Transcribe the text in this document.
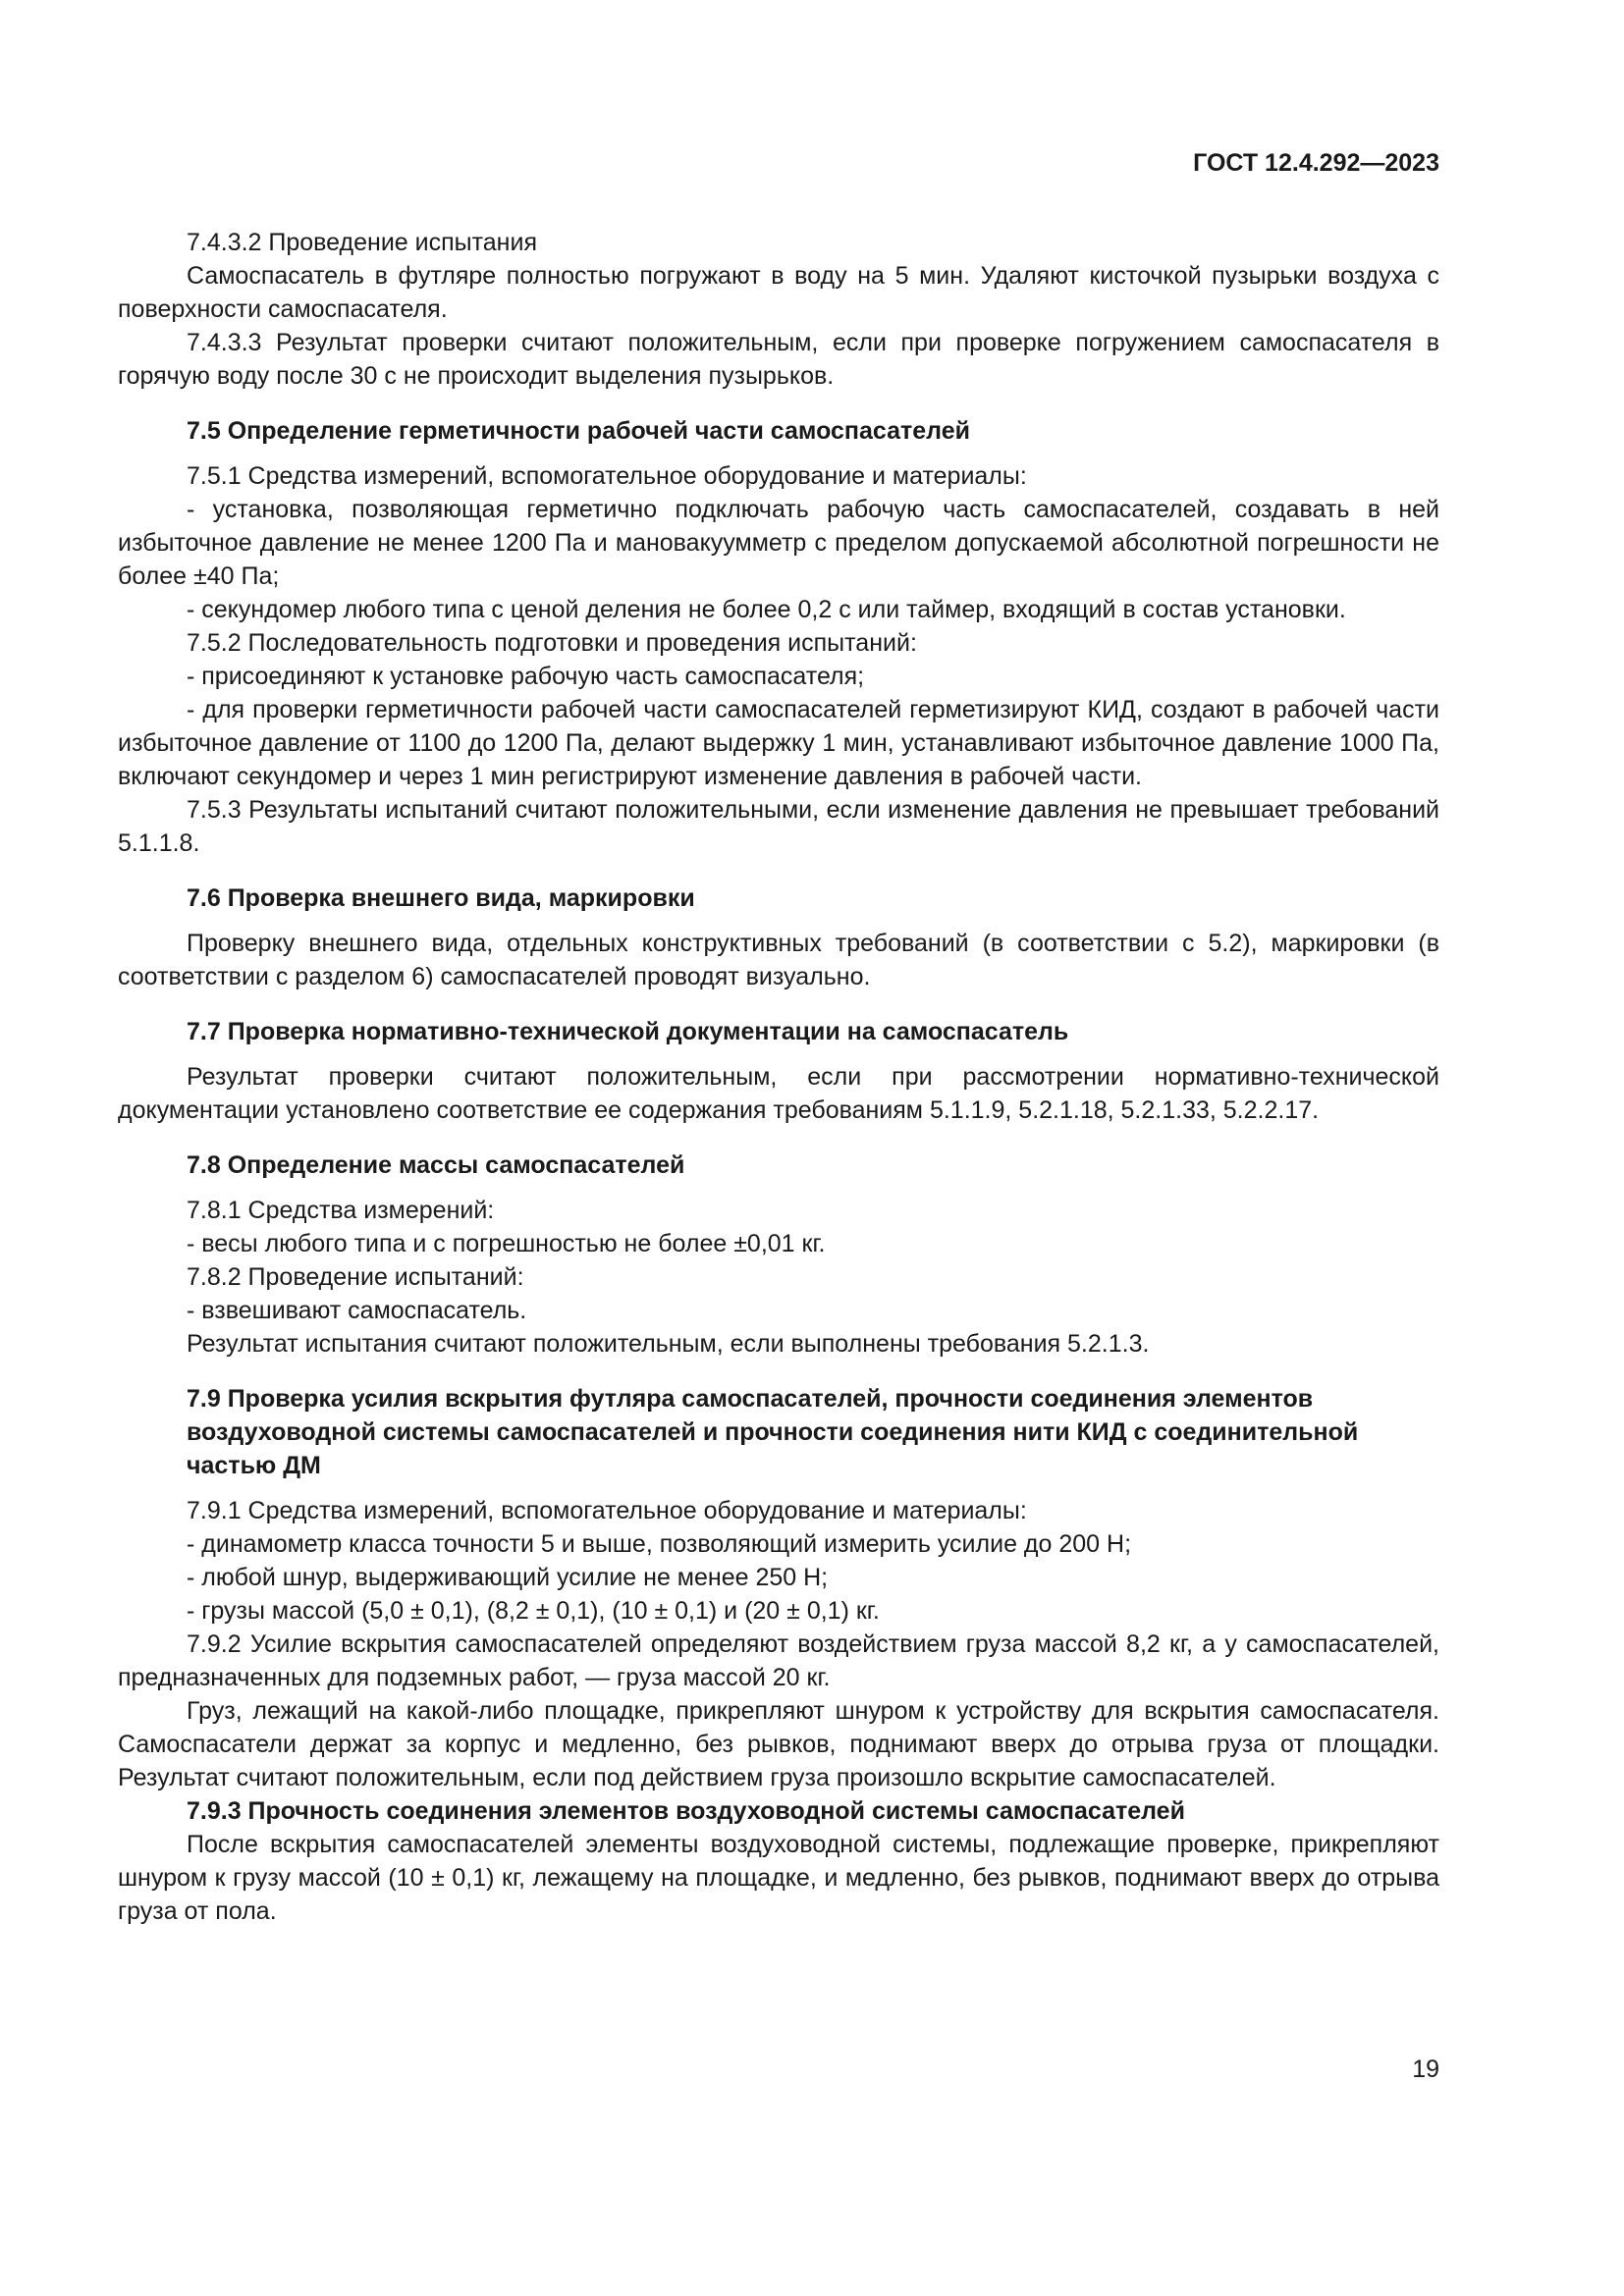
ГОСТ 12.4.292—2023

7.4.3.2 Проведение испытания

Самоспасатель в футляре полностью погружают в воду на 5 мин. Удаляют кисточкой пузырьки воздуха с поверхности самоспасателя.

7.4.3.3 Результат проверки считают положительным, если при проверке погружением самоспасателя в горячую воду после 30 с не происходит выделения пузырьков.

7.5 Определение герметичности рабочей части самоспасателей

7.5.1 Средства измерений, вспомогательное оборудование и материалы:

- установка, позволяющая герметично подключать рабочую часть самоспасателей, создавать в ней избыточное давление не менее 1200 Па и мановакуумметр с пределом допускаемой абсолютной погрешности не более ±40 Па;

- секундомер любого типа с ценой деления не более 0,2 с или таймер, входящий в состав установки.

7.5.2 Последовательность подготовки и проведения испытаний:

- присоединяют к установке рабочую часть самоспасателя;

- для проверки герметичности рабочей части самоспасателей герметизируют КИД, создают в рабочей части избыточное давление от 1100 до 1200 Па, делают выдержку 1 мин, устанавливают избыточное давление 1000 Па, включают секундомер и через 1 мин регистрируют изменение давления в рабочей части.

7.5.3 Результаты испытаний считают положительными, если изменение давления не превышает требований 5.1.1.8.

7.6 Проверка внешнего вида, маркировки

Проверку внешнего вида, отдельных конструктивных требований (в соответствии с 5.2), маркировки (в соответствии с разделом 6) самоспасателей проводят визуально.

7.7 Проверка нормативно-технической документации на самоспасатель

Результат проверки считают положительным, если при рассмотрении нормативно-технической документации установлено соответствие ее содержания требованиям 5.1.1.9, 5.2.1.18, 5.2.1.33, 5.2.2.17.

7.8 Определение массы самоспасателей

7.8.1 Средства измерений:

- весы любого типа и с погрешностью не более ±0,01 кг.

7.8.2 Проведение испытаний:

- взвешивают самоспасатель.

Результат испытания считают положительным, если выполнены требования 5.2.1.3.

7.9 Проверка усилия вскрытия футляра самоспасателей, прочности соединения элементов воздуховодной системы самоспасателей и прочности соединения нити КИД с соединительной частью ДМ

7.9.1 Средства измерений, вспомогательное оборудование и материалы:

- динамометр класса точности 5 и выше, позволяющий измерить усилие до 200 Н;

- любой шнур, выдерживающий усилие не менее 250 Н;

- грузы массой (5,0 ± 0,1), (8,2 ± 0,1), (10 ± 0,1) и (20 ± 0,1) кг.

7.9.2 Усилие вскрытия самоспасателей определяют воздействием груза массой 8,2 кг, а у самоспасателей, предназначенных для подземных работ, — груза массой 20 кг.

Груз, лежащий на какой-либо площадке, прикрепляют шнуром к устройству для вскрытия самоспасателя. Самоспасатели держат за корпус и медленно, без рывков, поднимают вверх до отрыва груза от площадки. Результат считают положительным, если под действием груза произошло вскрытие самоспасателей.

7.9.3 Прочность соединения элементов воздуховодной системы самоспасателей

После вскрытия самоспасателей элементы воздуховодной системы, подлежащие проверке, прикрепляют шнуром к грузу массой (10 ± 0,1) кг, лежащему на площадке, и медленно, без рывков, поднимают вверх до отрыва груза от пола.

19
